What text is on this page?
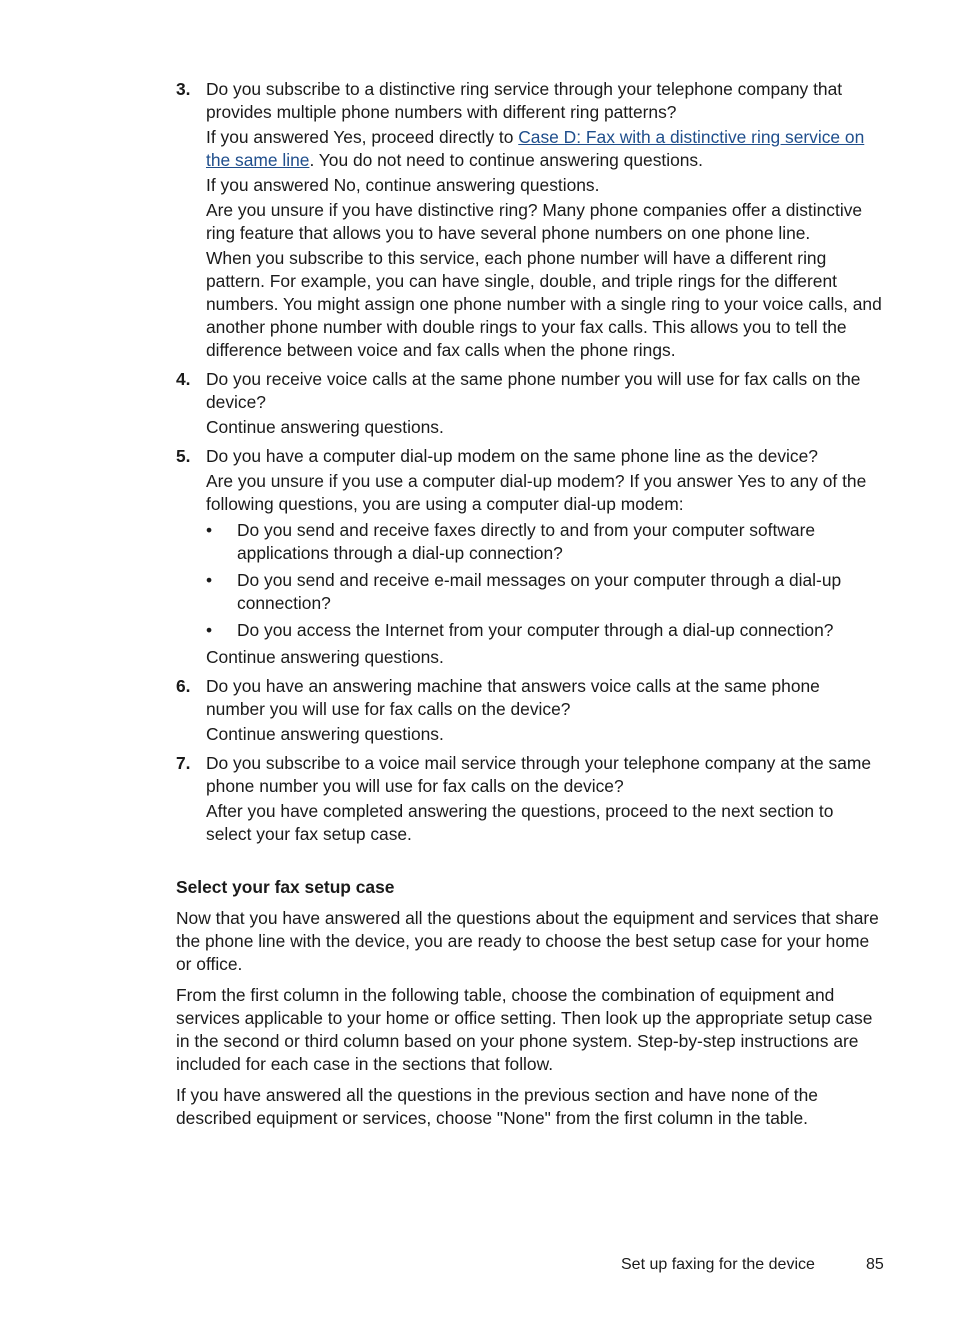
3. Do you subscribe to a distinctive ring service through your telephone company that provides multiple phone numbers with different ring patterns?

If you answered Yes, proceed directly to Case D: Fax with a distinctive ring service on the same line. You do not need to continue answering questions.

If you answered No, continue answering questions.

Are you unsure if you have distinctive ring? Many phone companies offer a distinctive ring feature that allows you to have several phone numbers on one phone line.

When you subscribe to this service, each phone number will have a different ring pattern. For example, you can have single, double, and triple rings for the different numbers. You might assign one phone number with a single ring to your voice calls, and another phone number with double rings to your fax calls. This allows you to tell the difference between voice and fax calls when the phone rings.

4. Do you receive voice calls at the same phone number you will use for fax calls on the device?

Continue answering questions.

5. Do you have a computer dial-up modem on the same phone line as the device?

Are you unsure if you use a computer dial-up modem? If you answer Yes to any of the following questions, you are using a computer dial-up modem:

•	Do you send and receive faxes directly to and from your computer software applications through a dial-up connection?
•	Do you send and receive e-mail messages on your computer through a dial-up connection?
•	Do you access the Internet from your computer through a dial-up connection?

Continue answering questions.

6. Do you have an answering machine that answers voice calls at the same phone number you will use for fax calls on the device?

Continue answering questions.

7. Do you subscribe to a voice mail service through your telephone company at the same phone number you will use for fax calls on the device?

After you have completed answering the questions, proceed to the next section to select your fax setup case.

Select your fax setup case

Now that you have answered all the questions about the equipment and services that share the phone line with the device, you are ready to choose the best setup case for your home or office.

From the first column in the following table, choose the combination of equipment and services applicable to your home or office setting. Then look up the appropriate setup case in the second or third column based on your phone system. Step-by-step instructions are included for each case in the sections that follow.

If you have answered all the questions in the previous section and have none of the described equipment or services, choose "None" from the first column in the table.

Set up faxing for the device	85
